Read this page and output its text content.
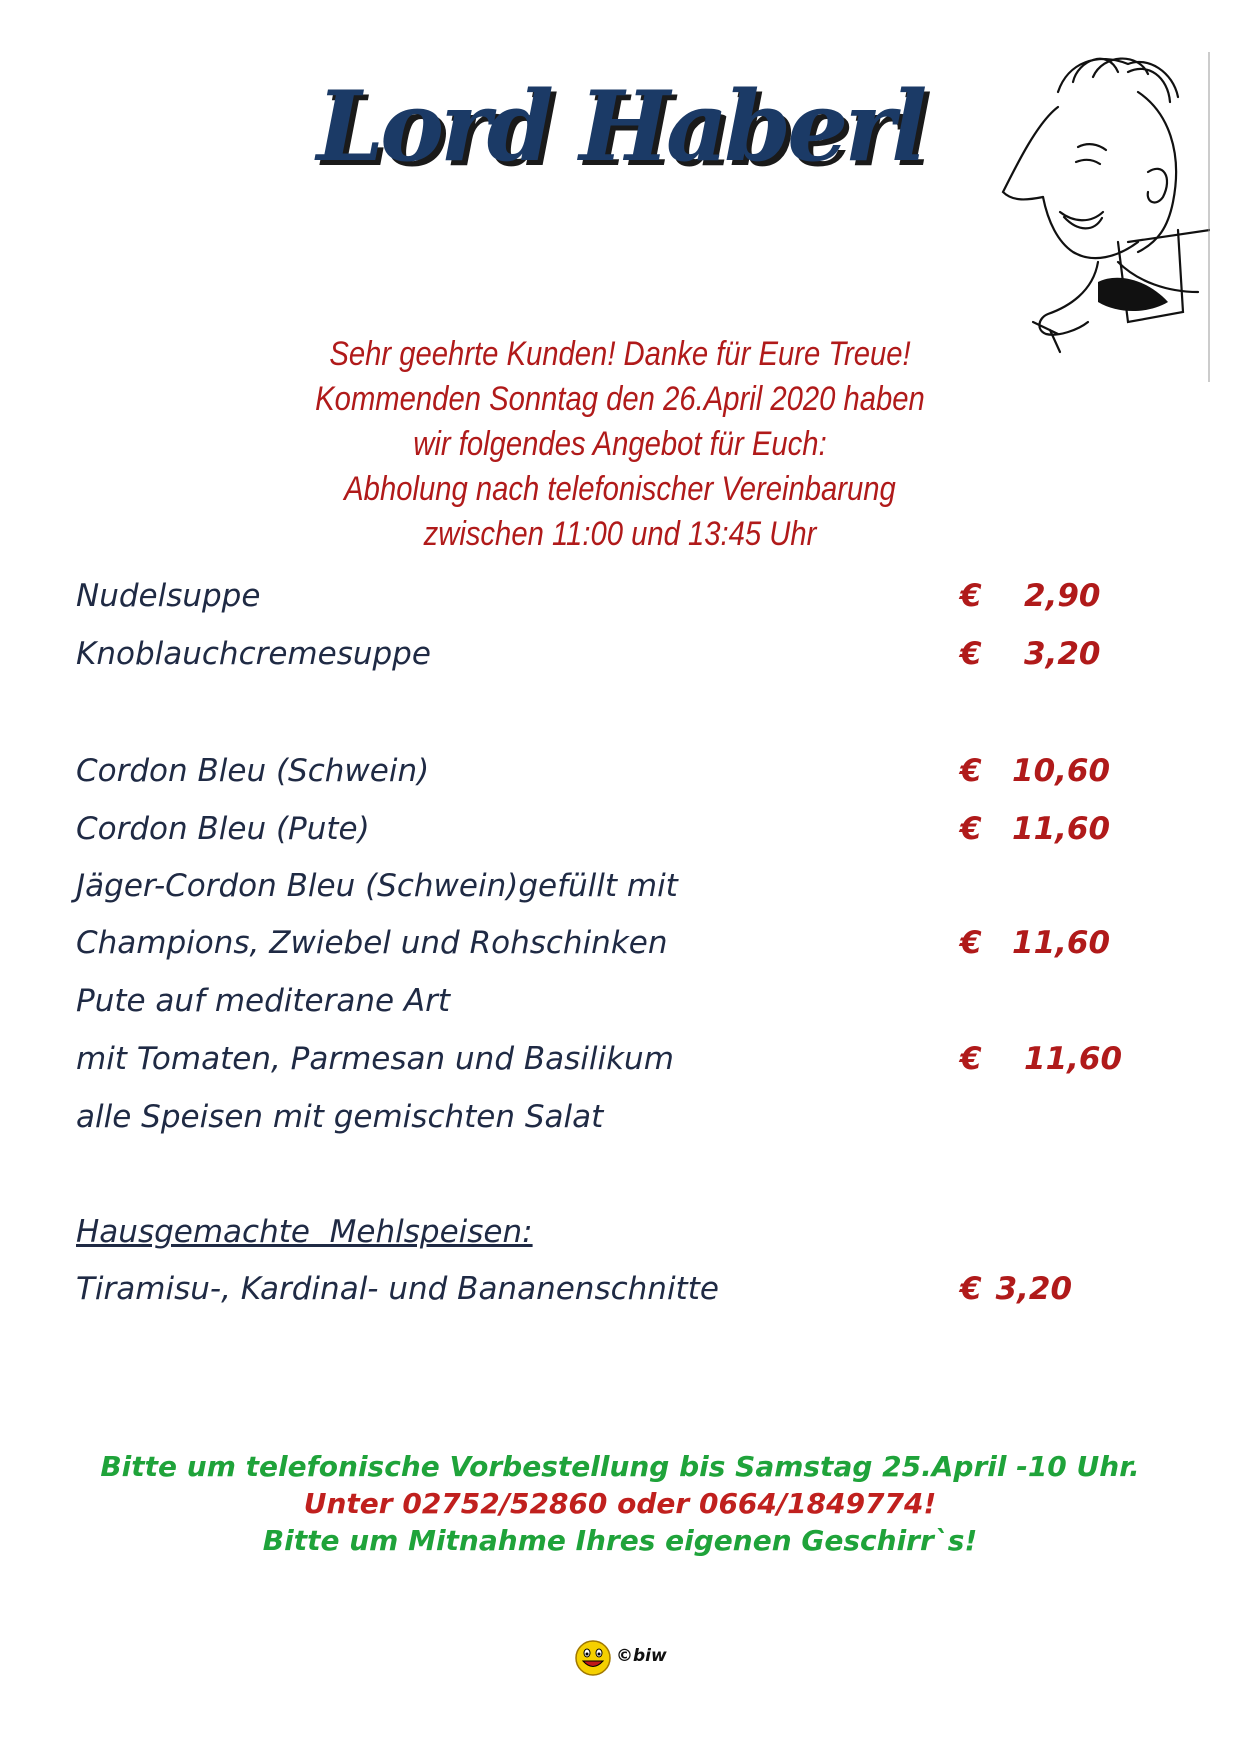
Lord Haberl
Sehr geehrte Kunden! Danke für Eure Treue!
Kommenden Sonntag den 26.April 2020 haben
wir folgendes Angebot für Euch:
Abholung nach telefonischer Vereinbarung
zwischen 11:00 und 13:45 Uhr
Nudelsuppe	€ 2,90
Knoblauchcremesuppe	€ 3,20
Cordon Bleu (Schwein)	€ 10,60
Cordon Bleu (Pute)	€ 11,60
Jäger-Cordon Bleu (Schwein)gefüllt mit
Champions, Zwiebel und Rohschinken	€ 11,60
Pute auf mediterane Art
mit Tomaten, Parmesan und Basilikum	€ 11,60
alle Speisen mit gemischten Salat
Hausgemachte  Mehlspeisen:
Tiramisu-, Kardinal- und Bananenschnitte	€ 3,20
Bitte um telefonische Vorbestellung bis Samstag 25.April -10 Uhr.
Unter 02752/52860 oder 0664/1849774!
Bitte um Mitnahme Ihres eigenen Geschirr`s!
©biw
